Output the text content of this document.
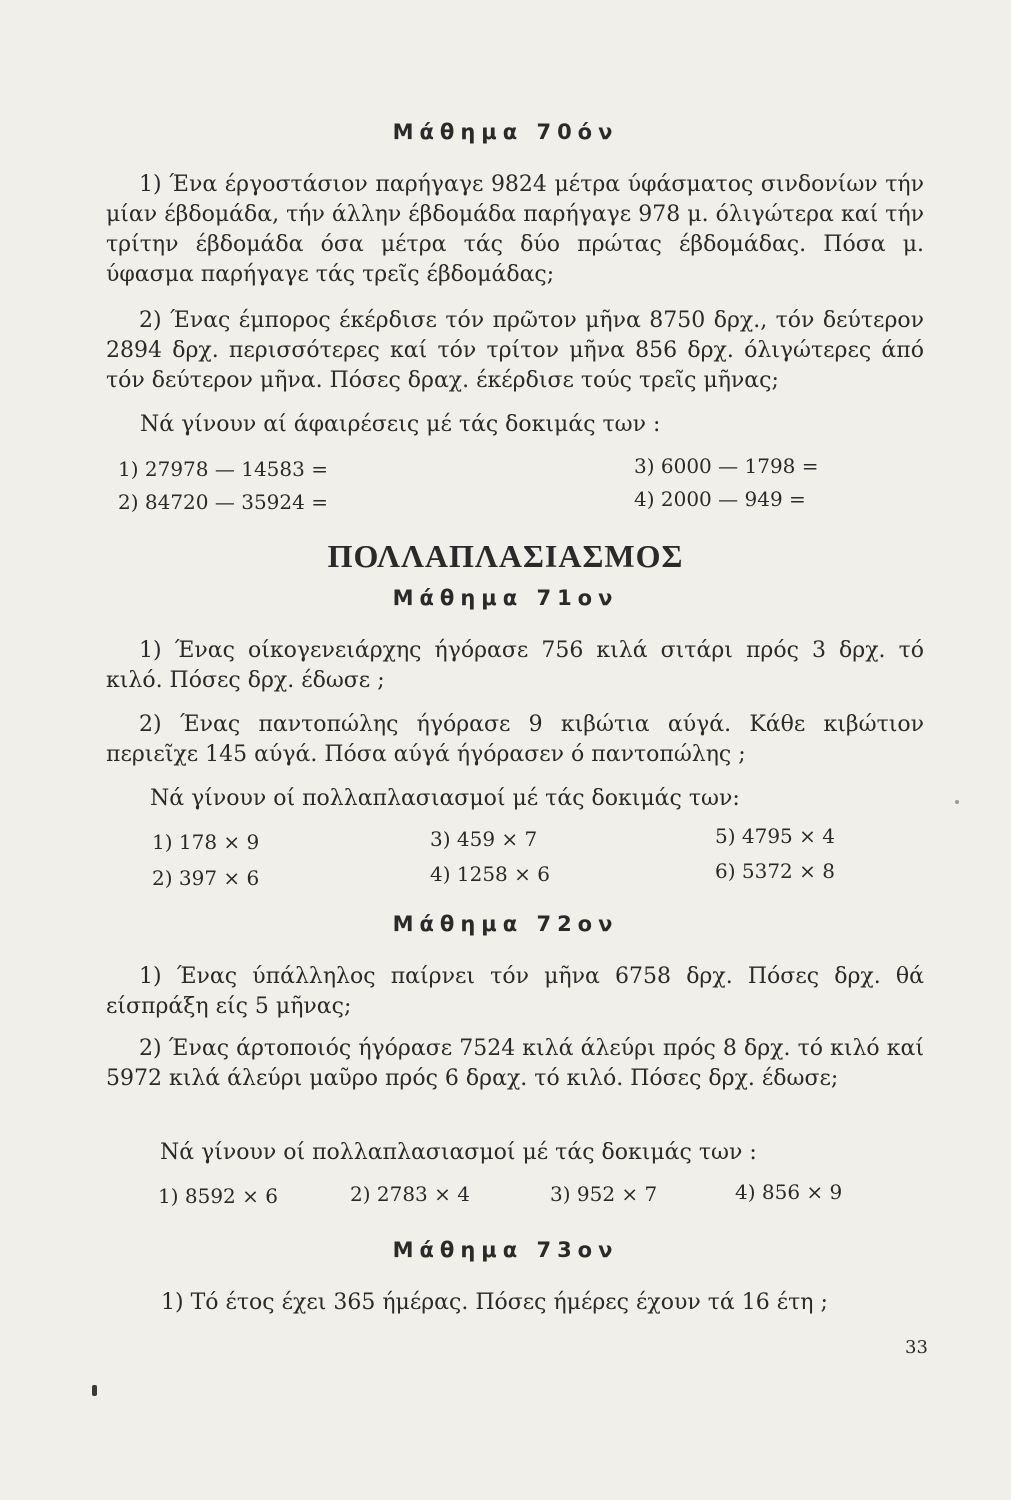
Μάθημα 70όν

1) Ένα έργοστάσιον παρήγαγε 9824 μέτρα ύφάσματος σινδονίων τήν μίαν έβδομάδα, τήν άλλην έβδομάδα παρήγαγε 978 μ. όλιγώτερα καί τήν τρίτην έβδομάδα όσα μέτρα τάς δύο πρώτας έβδομάδας. Πόσα μ. ύφασμα παρήγαγε τάς τρεῖς έβδομάδας;

2) Ένας έμπορος έκέρδισε τόν πρῶτον μῆνα 8750 δρχ., τόν δεύτερον 2894 δρχ. περισσότερες καί τόν τρίτον μῆνα 856 δρχ. όλιγώτερες άπό τόν δεύτερον μῆνα. Πόσες δραχ. έκέρδισε τούς τρεῖς μῆνας;

Νά γίνουν αί άφαιρέσεις μέ τάς δοκιμάς των :
1) 27978 — 14583 =
2) 84720 — 35924 =
3) 6000 — 1798 =
4) 2000 — 949 =
ΠΟΛΛΑΠΛΑΣΙΑΣΜΟΣ
Μάθημα 71ον

1) Ένας οίκογενειάρχης ήγόρασε 756 κιλά σιτάρι πρός 3 δρχ. τό κιλό. Πόσες δρχ. έδωσε ;

2) Ένας παντοπώλης ήγόρασε 9 κιβώτια αύγά. Κάθε κιβώτιον περιεῖχε 145 αύγά. Πόσα αύγά ήγόρασεν ό παντοπώλης ;

Νά γίνουν οί πολλαπλασιασμοί μέ τάς δοκιμάς των:
1) 178 × 9
2) 397 × 6
3) 459 × 7
4) 1258 × 6
5) 4795 × 4
6) 5372 × 8
Μάθημα 72ον

1) Ένας ύπάλληλος παίρνει τόν μῆνα 6758 δρχ. Πόσες δρχ. θά είσπράξη είς 5 μῆνας;

2) Ένας άρτοποιός ήγόρασε 7524 κιλά άλεύρι πρός 8 δρχ. τό κιλό καί 5972 κιλά άλεύρι μαῦρο πρός 6 δραχ. τό κιλό. Πόσες δρχ. έδωσε;

Νά γίνουν οί πολλαπλασιασμοί μέ τάς δοκιμάς των :
1) 8592 × 6	2) 2783 × 4	3) 952 × 7	4) 856 × 9
Μάθημα 73ον

1) Τό έτος έχει 365 ήμέρας. Πόσες ήμέρες έχουν τά 16 έτη ;

33
